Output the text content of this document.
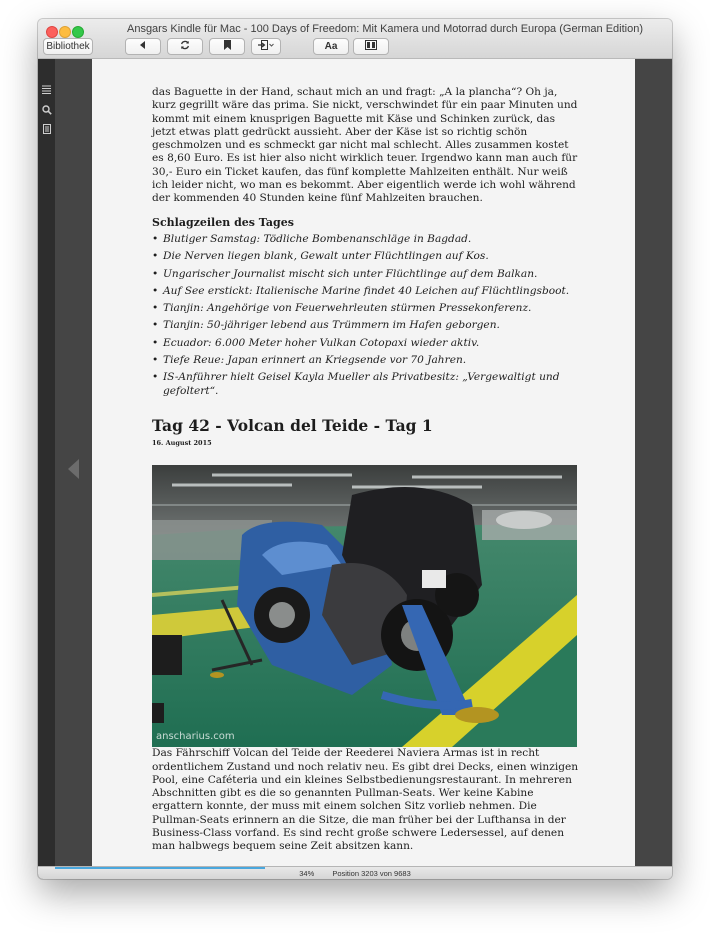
Ansgars Kindle für Mac - 100 Days of Freedom: Mit Kamera und Motorrad durch Europa (German Edition)
Bibliothek	Aa

das Baguette in der Hand, schaut mich an und fragt: „A la plancha“? Oh ja, kurz gegrillt wäre das prima. Sie nickt, verschwindet für ein paar Minuten und kommt mit einem knusprigen Baguette mit Käse und Schinken zurück, das jetzt etwas platt gedrückt aussieht. Aber der Käse ist so richtig schön geschmolzen und es schmeckt gar nicht mal schlecht. Alles zusammen kostet es 8,60 Euro. Es ist hier also nicht wirklich teuer. Irgendwo kann man auch für 30,- Euro ein Ticket kaufen, das fünf komplette Mahlzeiten enthält. Nur weiß ich leider nicht, wo man es bekommt. Aber eigentlich werde ich wohl während der kommenden 40 Stunden keine fünf Mahlzeiten brauchen.

Schlagzeilen des Tages
• Blutiger Samstag: Tödliche Bombenanschläge in Bagdad.
• Die Nerven liegen blank, Gewalt unter Flüchtlingen auf Kos.
• Ungarischer Journalist mischt sich unter Flüchtlinge auf dem Balkan.
• Auf See erstickt: Italienische Marine findet 40 Leichen auf Flüchtlingsboot.
• Tianjin: Angehörige von Feuerwehrleuten stürmen Pressekonferenz.
• Tianjin: 50-jähriger lebend aus Trümmern im Hafen geborgen.
• Ecuador: 6.000 Meter hoher Vulkan Cotopaxi wieder aktiv.
• Tiefe Reue: Japan erinnert an Kriegsende vor 70 Jahren.
• IS-Anführer hielt Geisel Kayla Mueller als Privatbesitz: „Vergewaltigt und gefoltert“.
Tag 42 - Volcan del Teide - Tag 1
16. August 2015
anscharius.com

Das Fährschiff Volcan del Teide der Reederei Naviera Armas ist in recht ordentlichem Zustand und noch relativ neu. Es gibt drei Decks, einen winzigen Pool, eine Caféteria und ein kleines Selbstbedienungsrestaurant. In mehreren Abschnitten gibt es die so genannten Pullman-Seats. Wer keine Kabine ergattern konnte, der muss mit einem solchen Sitz vorlieb nehmen. Die Pullman-Seats erinnern an die Sitze, die man früher bei der Lufthansa in der Business-Class vorfand. Es sind recht große schwere Ledersessel, auf denen man halbwegs bequem seine Zeit absitzen kann.

34% Position 3203 von 9683
